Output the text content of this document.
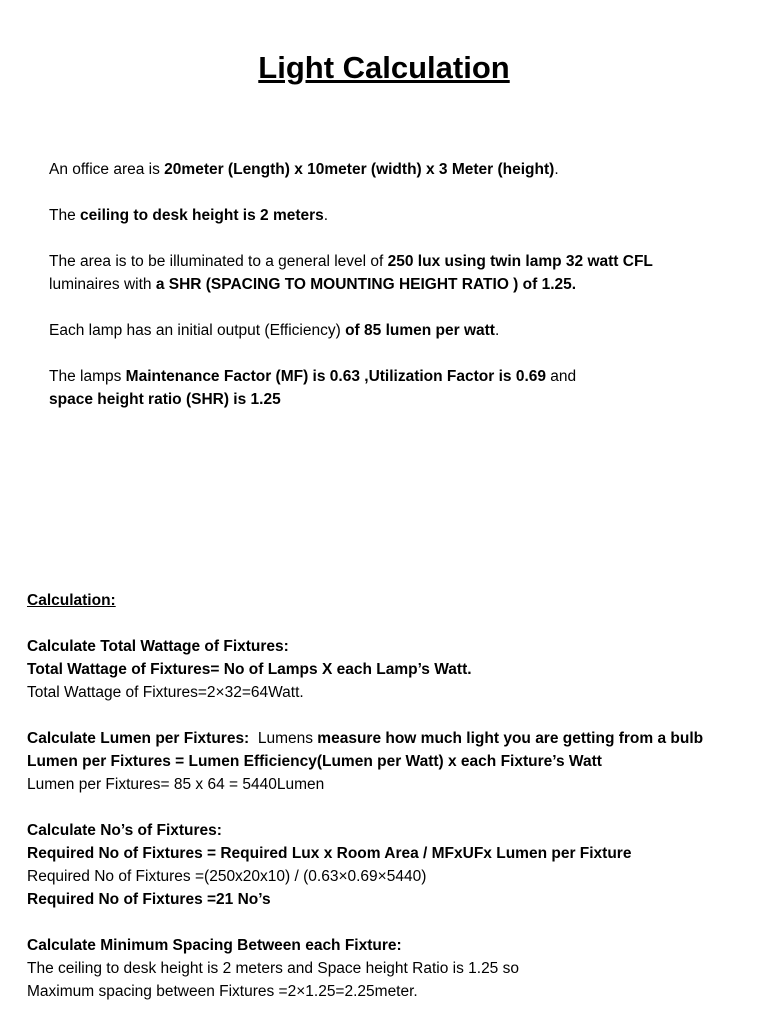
Light Calculation

An office area is 20meter (Length) x 10meter (width) x 3 Meter (height).

The ceiling to desk height is 2 meters.

The area is to be illuminated to a general level of 250 lux using twin lamp 32 watt CFL
luminaires with a SHR (SPACING TO MOUNTING HEIGHT RATIO ) of 1.25.

Each lamp has an initial output (Efficiency) of 85 lumen per watt.

The lamps Maintenance Factor (MF) is 0.63 ,Utilization Factor is 0.69 and
space height ratio (SHR) is 1.25

Calculation:

Calculate Total Wattage of Fixtures:

Total Wattage of Fixtures= No of Lamps X each Lamp’s Watt.

Total Wattage of Fixtures=2×32=64Watt.

Calculate Lumen per Fixtures:  Lumens measure how much light you are getting from a bulb

Lumen per Fixtures = Lumen Efficiency(Lumen per Watt) x each Fixture’s Watt

Lumen per Fixtures= 85 x 64 = 5440Lumen

Calculate No’s of Fixtures:

Required No of Fixtures = Required Lux x Room Area / MFxUFx Lumen per Fixture

Required No of Fixtures =(250x20x10) / (0.63×0.69×5440)

Required No of Fixtures =21 No’s

Calculate Minimum Spacing Between each Fixture:

The ceiling to desk height is 2 meters and Space height Ratio is 1.25 so

Maximum spacing between Fixtures =2×1.25=2.25meter.
